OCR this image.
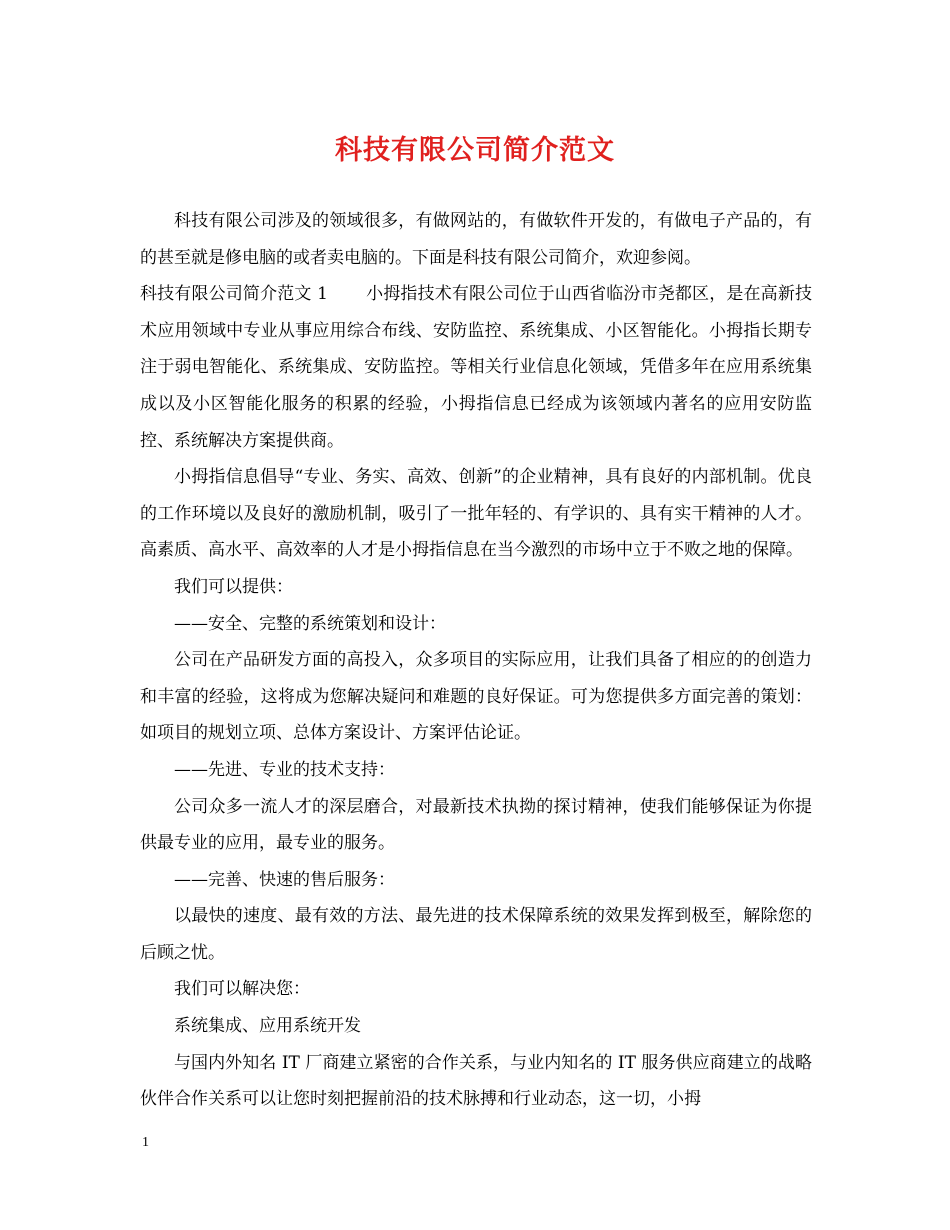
科技有限公司简介范文

科技有限公司涉及的领域很多，有做网站的，有做软件开发的，有做电子产品的，有的甚至就是修电脑的或者卖电脑的。下面是科技有限公司简介，欢迎参阅。

科技有限公司简介范文 1 小拇指技术有限公司位于山西省临汾市尧都区，是在高新技术应用领域中专业从事应用综合布线、安防监控、系统集成、小区智能化。小拇指长期专注于弱电智能化、系统集成、安防监控。等相关行业信息化领域，凭借多年在应用系统集成以及小区智能化服务的积累的经验，小拇指信息已经成为该领域内著名的应用安防监控、系统解决方案提供商。

小拇指信息倡导“专业、务实、高效、创新”的企业精神，具有良好的内部机制。优良的工作环境以及良好的激励机制，吸引了一批年轻的、有学识的、具有实干精神的人才。高素质、高水平、高效率的人才是小拇指信息在当今激烈的市场中立于不败之地的保障。

我们可以提供：

——安全、完整的系统策划和设计：

公司在产品研发方面的高投入，众多项目的实际应用，让我们具备了相应的的创造力和丰富的经验，这将成为您解决疑问和难题的良好保证。可为您提供多方面完善的策划：如项目的规划立项、总体方案设计、方案评估论证。

——先进、专业的技术支持：

公司众多一流人才的深层磨合，对最新技术执拗的探讨精神，使我们能够保证为你提供最专业的应用，最专业的服务。

——完善、快速的售后服务：

以最快的速度、最有效的方法、最先进的技术保障系统的效果发挥到极至，解除您的后顾之忧。

我们可以解决您：

系统集成、应用系统开发

与国内外知名 IT 厂商建立紧密的合作关系，与业内知名的 IT 服务供应商建立的战略伙伴合作关系可以让您时刻把握前沿的技术脉搏和行业动态，这一切，小拇

1
